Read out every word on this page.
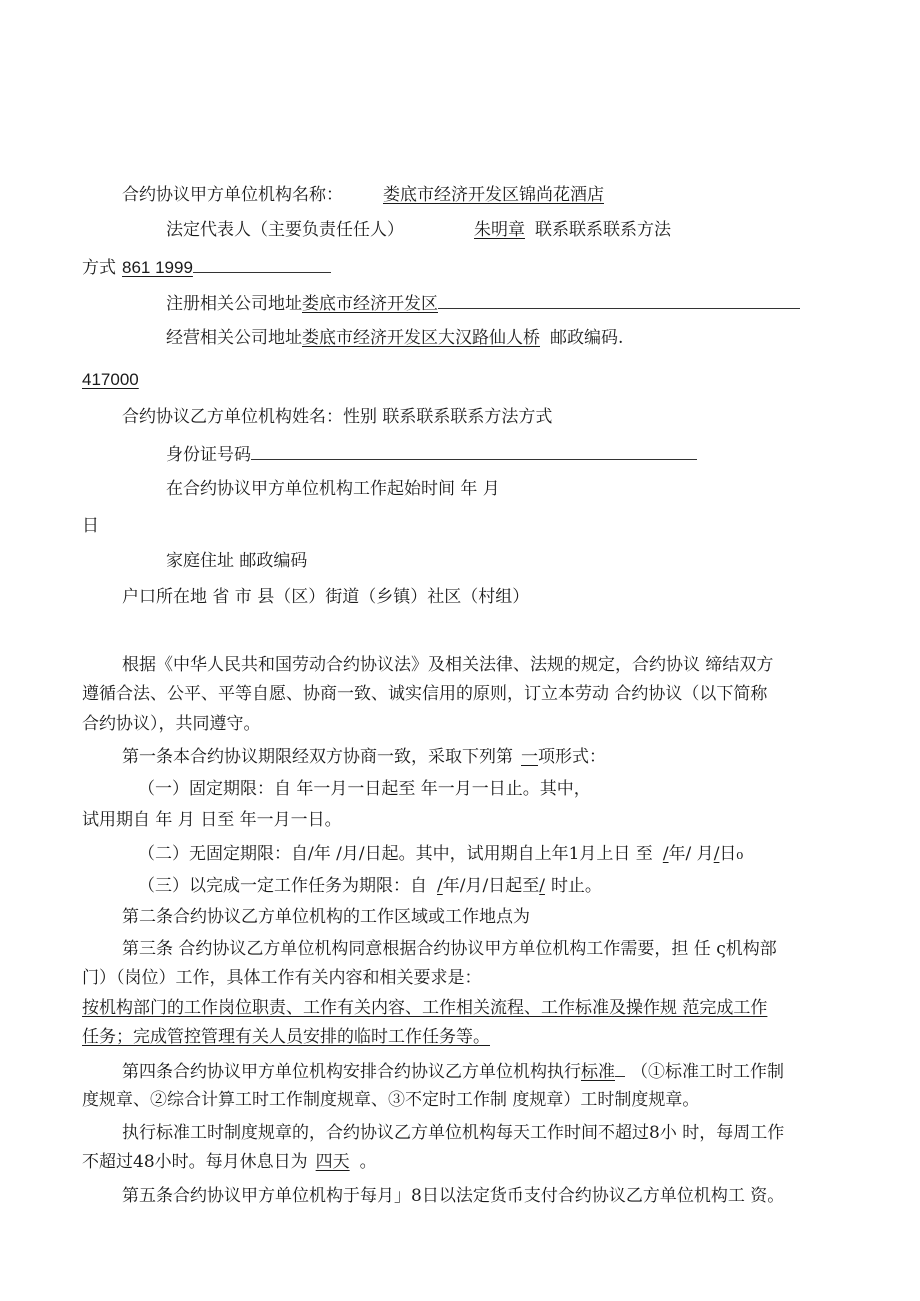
合约协议甲方单位机构名称： 娄底市经济开发区锦尚花酒店
法定代表人（主要负责任任人）	朱明章 联系联系联系方法
方式 861 1999
注册相关公司地址娄底市经济开发区
经营相关公司地址娄底市经济开发区大汉路仙人桥 邮政编码.
417000
合约协议乙方单位机构姓名：性别 联系联系联系方法方式
身份证号码
在合约协议甲方单位机构工作起始时间 年 月
日
家庭住址 邮政编码
户口所在地 省 市 县（区）街道（乡镇）社区（村组）
根据《中华人民共和国劳动合约协议法》及相关法律、法规的规定，合约协议 缔结双方
遵循合法、公平、平等自愿、协商一致、诚实信用的原则，订立本劳动 合约协议（以下简称
合约协议），共同遵守。
第一条本合约协议期限经双方协商一致，采取下列第 一项形式：
（一）固定期限：自 年一月一日起至 年一月一日止。其中，
试用期自 年 月 日至 年一月一日。
（二）无固定期限：自/年 /月/日起。其中，试用期自上年1月上日 至 /年/ 月/日₀
（三）以完成一定工作任务为期限：自 /年/月/日起至/ 时止。
第二条合约协议乙方单位机构的工作区域或工作地点为
第三条 合约协议乙方单位机构同意根据合约协议甲方单位机构工作需要，担 任 ς机构部
门）（岗位）工作，具体工作有关内容和相关要求是：
按机构部门的工作岗位职责、工作有关内容、工作相关流程、工作标准及操作规 范完成工作
任务；完成管控管理有关人员安排的临时工作任务等。
第四条合约协议甲方单位机构安排合约协议乙方单位机构执行标准 （①标准工时工作制
度规章、②综合计算工时工作制度规章、③不定时工作制 度规章）工时制度规章。
执行标准工时制度规章的，合约协议乙方单位机构每天工作时间不超过8小 时，每周工作
不超过48小时。每月休息日为 四天 。
第五条合约协议甲方单位机构于每月」8日以法定货币支付合约协议乙方单位机构工 资。
